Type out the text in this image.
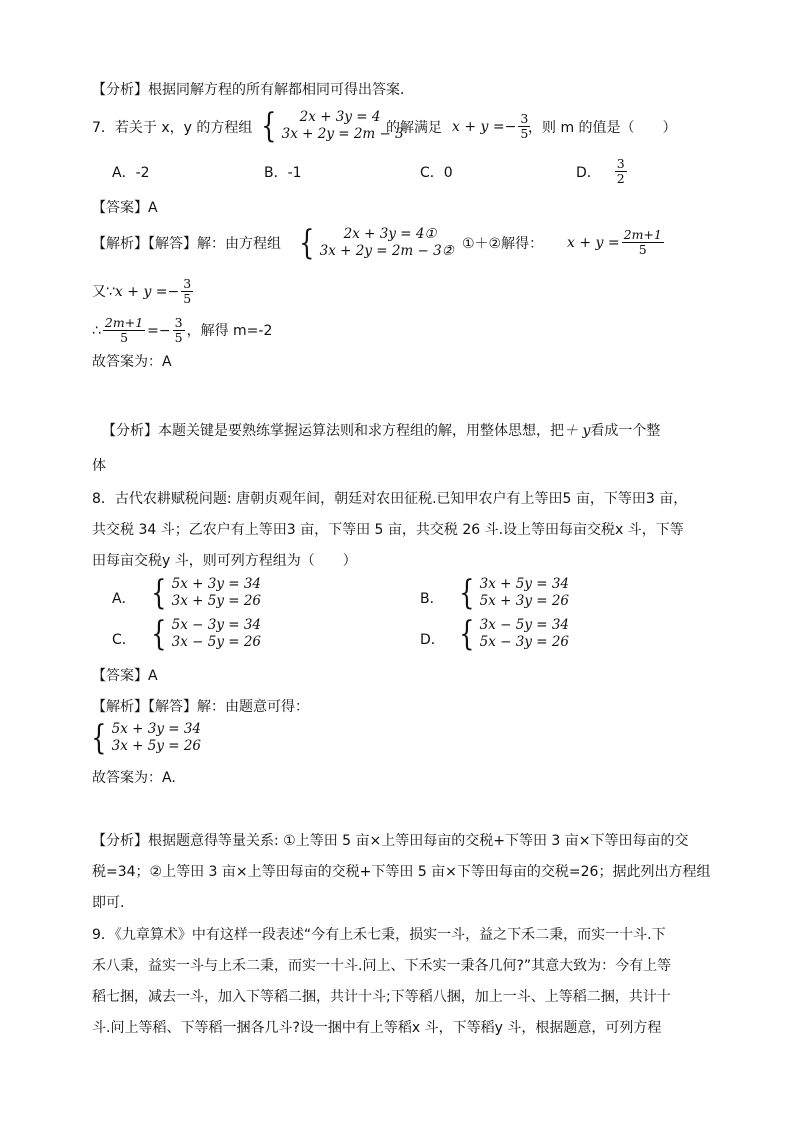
【分析】根据同解方程的所有解都相同可得出答案．
7．若关于 x，y 的方程组 {	2x + 3y = 4
3x + 2y = 2m − 3
的解满足 $x + y =- \frac{3}{5}$
，则 m 的值是（　　）
A．-2	B．-1	C．0	D． $\frac{3}{2}$
【答案】A
【解析】【解答】解：由方程组 {	2x + 3y = 4①
3x + 2y = 2m − 3②
，①＋②解得： $x + y = \frac{2m+1}{5}$
又∵ $x + y =- \frac{3}{5}$
∴ $\frac{2m+1}{5} =- \frac{3}{5}$ ，解得 m=-2
故答案为：A
【分析】本题关键是要熟练掌握运算法则和求方程组的解，用整体思想，把＋ y看成一个整
体
8．古代农耕赋税问题: 唐朝贞观年间，朝廷对农田征税.已知甲农户有上等田5 亩，下等田3 亩，
共交税 34 斗；乙农户有上等田3 亩，下等田 5 亩，共交税 26 斗.设上等田每亩交税x 斗，下等
田每亩交税y 斗，则可列方程组为（　　）
A． { 5x + 3y = 34
3x + 5y = 26	B． { 3x + 5y = 34
5x + 3y = 26
C． { 5x − 3y = 34
3x − 5y = 26	D． { 3x − 5y = 34
5x − 3y = 26
【答案】A
【解析】【解答】解：由题意可得：
{ 5x + 3y = 34
3x + 5y = 26
故答案为：A.
【分析】根据题意得等量关系: ①上等田 5 亩×上等田每亩的交税+下等田 3 亩×下等田每亩的交
税=34；②上等田 3 亩×上等田每亩的交税+下等田 5 亩×下等田每亩的交税=26；据此列出方程组
即可.
9．《九章算术》中有这样一段表述“今有上禾七秉，损实一斗，益之下禾二秉，而实一十斗.下
禾八秉，益实一斗与上禾二秉，而实一十斗.问上、下禾实一秉各几何?”其意大致为：今有上等
稻七捆，减去一斗，加入下等稻二捆，共计十斗;下等稻八捆，加上一斗、上等稻二捆，共计十
斗.问上等稻、下等稻一捆各几斗?设一捆中有上等稻x 斗，下等稻y 斗，根据题意，可列方程
